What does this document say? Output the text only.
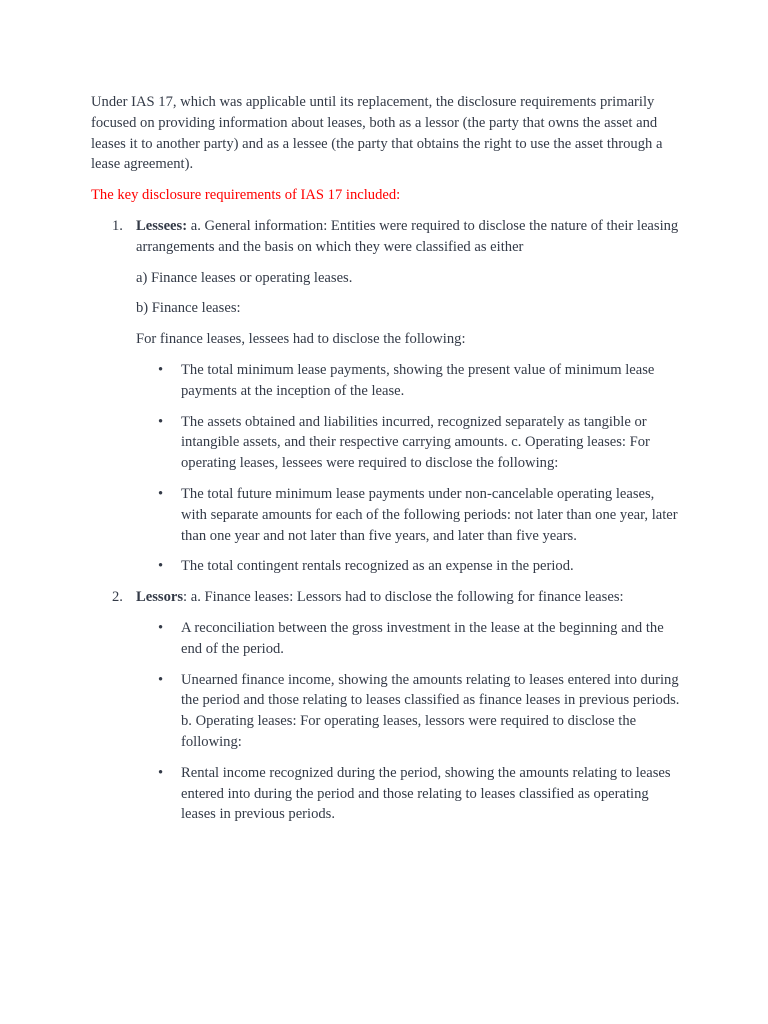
Under IAS 17, which was applicable until its replacement, the disclosure requirements primarily focused on providing information about leases, both as a lessor (the party that owns the asset and leases it to another party) and as a lessee (the party that obtains the right to use the asset through a lease agreement).

The key disclosure requirements of IAS 17 included:

1. Lessees: a. General information: Entities were required to disclose the nature of their leasing arrangements and the basis on which they were classified as either

a) Finance leases or operating leases.

b) Finance leases:

For finance leases, lessees had to disclose the following:

• The total minimum lease payments, showing the present value of minimum lease payments at the inception of the lease.
• The assets obtained and liabilities incurred, recognized separately as tangible or intangible assets, and their respective carrying amounts. c. Operating leases: For operating leases, lessees were required to disclose the following:
• The total future minimum lease payments under non-cancelable operating leases, with separate amounts for each of the following periods: not later than one year, later than one year and not later than five years, and later than five years.
• The total contingent rentals recognized as an expense in the period.
2. Lessors: a. Finance leases: Lessors had to disclose the following for finance leases:

• A reconciliation between the gross investment in the lease at the beginning and the end of the period.
• Unearned finance income, showing the amounts relating to leases entered into during the period and those relating to leases classified as finance leases in previous periods. b. Operating leases: For operating leases, lessors were required to disclose the following:
• Rental income recognized during the period, showing the amounts relating to leases entered into during the period and those relating to leases classified as operating leases in previous periods.
